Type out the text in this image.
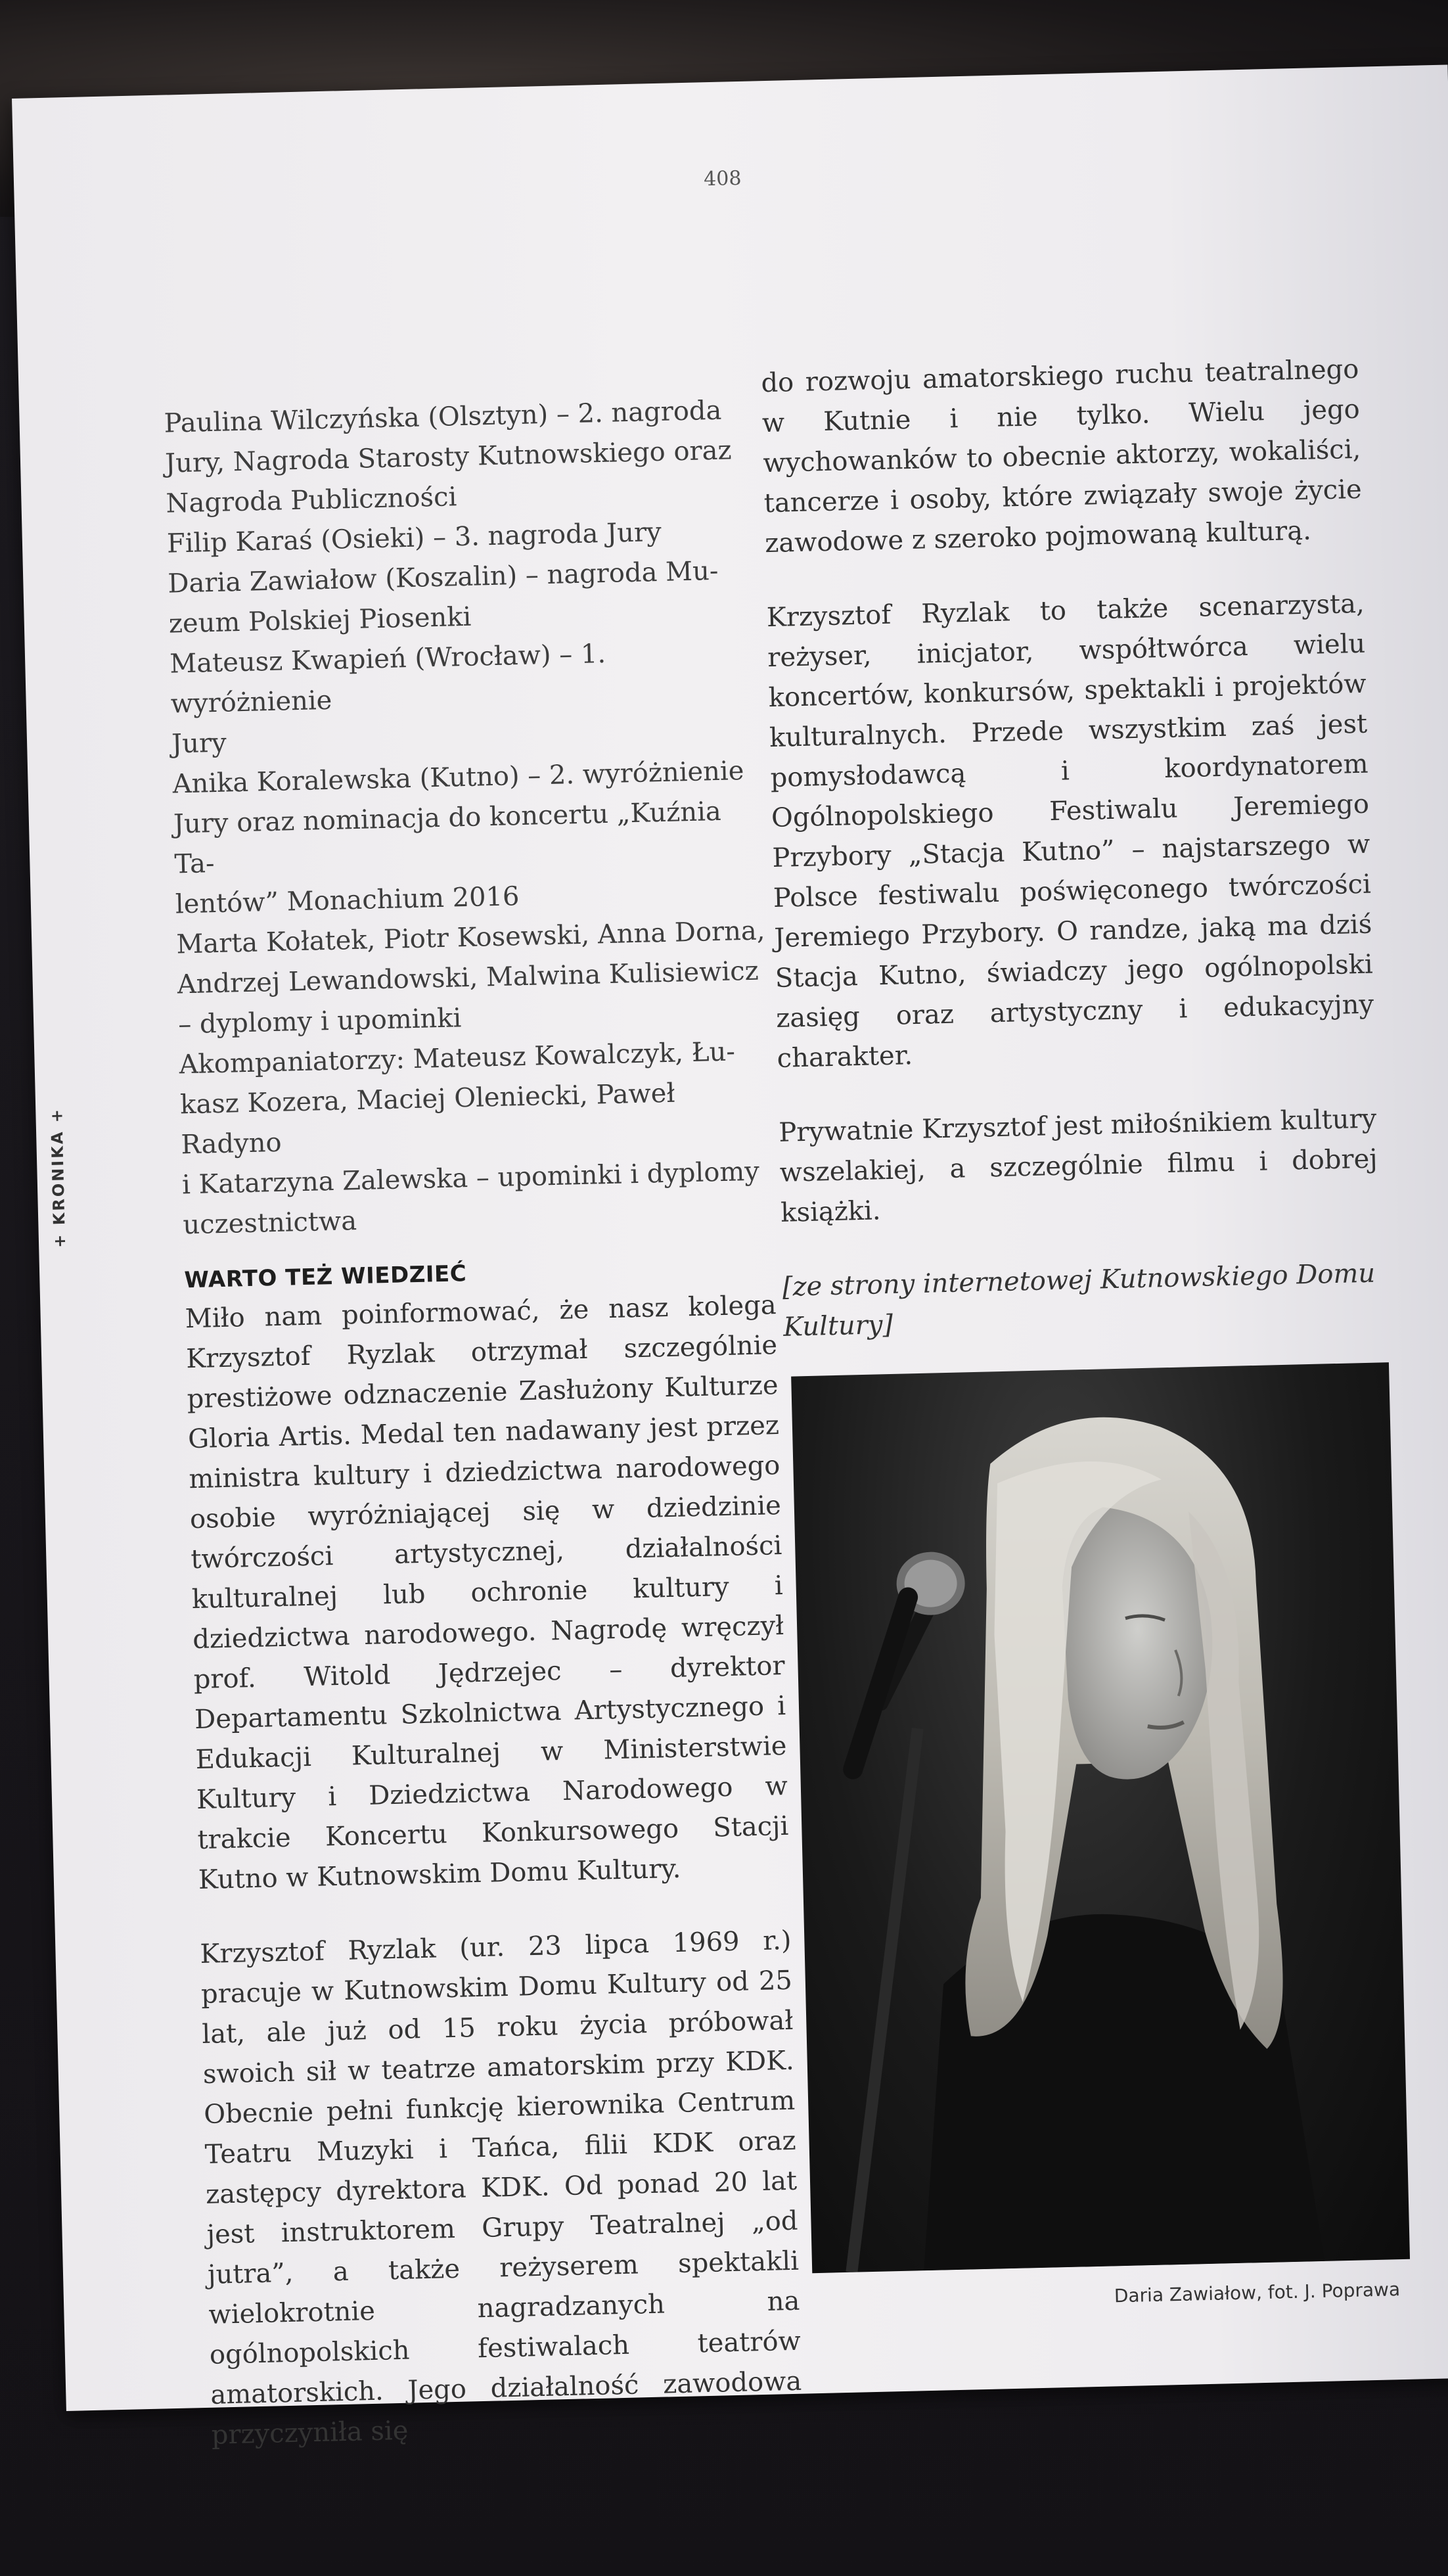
408
+ KRONIKA +
Paulina Wilczyńska (Olsztyn) – 2. nagroda
Jury, Nagroda Starosty Kutnowskiego oraz
Nagroda Publiczności
Filip Karaś (Osieki) – 3. nagroda Jury
Daria Zawiałow (Koszalin) – nagroda Mu-
zeum Polskiej Piosenki
Mateusz Kwapień (Wrocław) – 1. wyróżnienie
Jury
Anika Koralewska (Kutno) – 2. wyróżnienie
Jury oraz nominacja do koncertu „Kuźnia Ta-
lentów” Monachium 2016
Marta Kołatek, Piotr Kosewski, Anna Dorna,
Andrzej Lewandowski, Malwina Kulisiewicz
– dyplomy i upominki
Akompaniatorzy: Mateusz Kowalczyk, Łu-
kasz Kozera, Maciej Oleniecki, Paweł Radyno
i Katarzyna Zalewska – upominki i dyplomy
uczestnictwa
WARTO TEŻ WIEDZIEĆ

Miło nam poinformować, że nasz kolega Krzysztof Ryzlak otrzymał szczególnie prestiżowe odznaczenie Zasłużony Kulturze Gloria Artis. Medal ten nadawany jest przez ministra kultury i dziedzictwa narodowego osobie wyróżniającej się w dziedzinie twórczości artystycznej, działalności kulturalnej lub ochronie kultury i dziedzictwa narodowego. Nagrodę wręczył prof. Witold Jędrzejec – dyrektor Departamentu Szkolnictwa Artystycznego i Edukacji Kulturalnej w Ministerstwie Kultury i Dziedzictwa Narodowego w trakcie Koncertu Konkursowego Stacji Kutno w Kutnowskim Domu Kultury.

Krzysztof Ryzlak (ur. 23 lipca 1969 r.) pracuje w Kutnowskim Domu Kultury od 25 lat, ale już od 15 roku życia próbował swoich sił w teatrze amatorskim przy KDK. Obecnie pełni funkcję kierownika Centrum Teatru Muzyki i Tańca, filii KDK oraz zastępcy dyrektora KDK. Od ponad 20 lat jest instruktorem Grupy Teatralnej „od jutra”, a także reżyserem spektakli wielokrotnie nagradzanych na ogólnopolskich festiwalach teatrów amatorskich. Jego działalność zawodowa przyczyniła się

do rozwoju amatorskiego ruchu teatralnego w Kutnie i nie tylko. Wielu jego wychowanków to obecnie aktorzy, wokaliści, tancerze i osoby, które związały swoje życie zawodowe z szeroko pojmowaną kulturą.

Krzysztof Ryzlak to także scenarzysta, reżyser, inicjator, współtwórca wielu koncertów, konkursów, spektakli i projektów kulturalnych. Przede wszystkim zaś jest pomysłodawcą i koordynatorem Ogólnopolskiego Festiwalu Jeremiego Przybory „Stacja Kutno” – najstarszego w Polsce festiwalu poświęconego twórczości Jeremiego Przybory. O randze, jaką ma dziś Stacja Kutno, świadczy jego ogólnopolski zasięg oraz artystyczny i edukacyjny charakter.

Prywatnie Krzysztof jest miłośnikiem kultury wszelakiej, a szczególnie filmu i dobrej książki.

[ze strony internetowej Kutnowskiego Domu Kultury]

Daria Zawiałow, fot. J. Poprawa
